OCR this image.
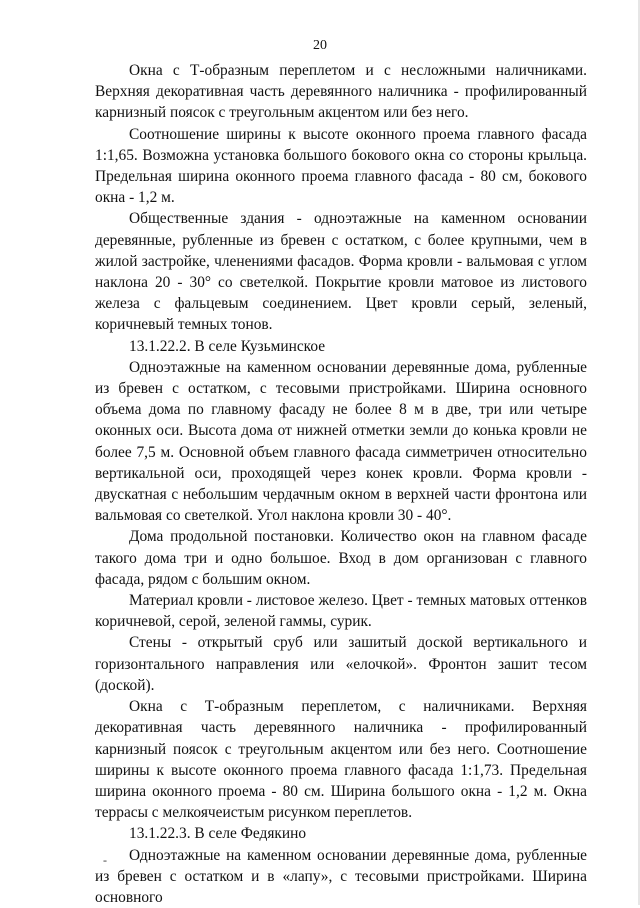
20

Окна с Т-образным переплетом и с несложными наличниками. Верхняя декоративная часть деревянного наличника - профилированный карнизный поясок с треугольным акцентом или без него.

Соотношение ширины к высоте оконного проема главного фасада 1:1,65. Возможна установка большого бокового окна со стороны крыльца. Предельная ширина оконного проема главного фасада - 80 см, бокового окна - 1,2 м.

Общественные здания - одноэтажные на каменном основании деревянные, рубленные из бревен с остатком, с более крупными, чем в жилой застройке, членениями фасадов. Форма кровли - вальмовая с углом наклона 20 - 30° со светелкой. Покрытие кровли матовое из листового железа с фальцевым соединением. Цвет кровли серый, зеленый, коричневый темных тонов.

13.1.22.2. В селе Кузьминское

Одноэтажные на каменном основании деревянные дома, рубленные из бревен с остатком, с тесовыми пристройками. Ширина основного объема дома по главному фасаду не более 8 м в две, три или четыре оконных оси. Высота дома от нижней отметки земли до конька кровли не более 7,5 м. Основной объем главного фасада симметричен относительно вертикальной оси, проходящей через конек кровли. Форма кровли - двускатная с небольшим чердачным окном в верхней части фронтона или вальмовая со светелкой. Угол наклона кровли 30 - 40°.

Дома продольной постановки. Количество окон на главном фасаде такого дома три и одно большое. Вход в дом организован с главного фасада, рядом с большим окном.

Материал кровли - листовое железо. Цвет - темных матовых оттенков коричневой, серой, зеленой гаммы, сурик.

Стены - открытый сруб или зашитый доской вертикального и горизонтального направления или «елочкой». Фронтон зашит тесом (доской).

Окна с Т-образным переплетом, с наличниками. Верхняя декоративная часть деревянного наличника - профилированный карнизный поясок с треугольным акцентом или без него. Соотношение ширины к высоте оконного проема главного фасада 1:1,73. Предельная ширина оконного проема - 80 см. Ширина большого окна - 1,2 м. Окна террасы с мелкоячеистым рисунком переплетов.

13.1.22.3. В селе Федякино

Одноэтажные на каменном основании деревянные дома, рубленные из бревен с остатком и в «лапу», с тесовыми пристройками. Ширина основного

-
